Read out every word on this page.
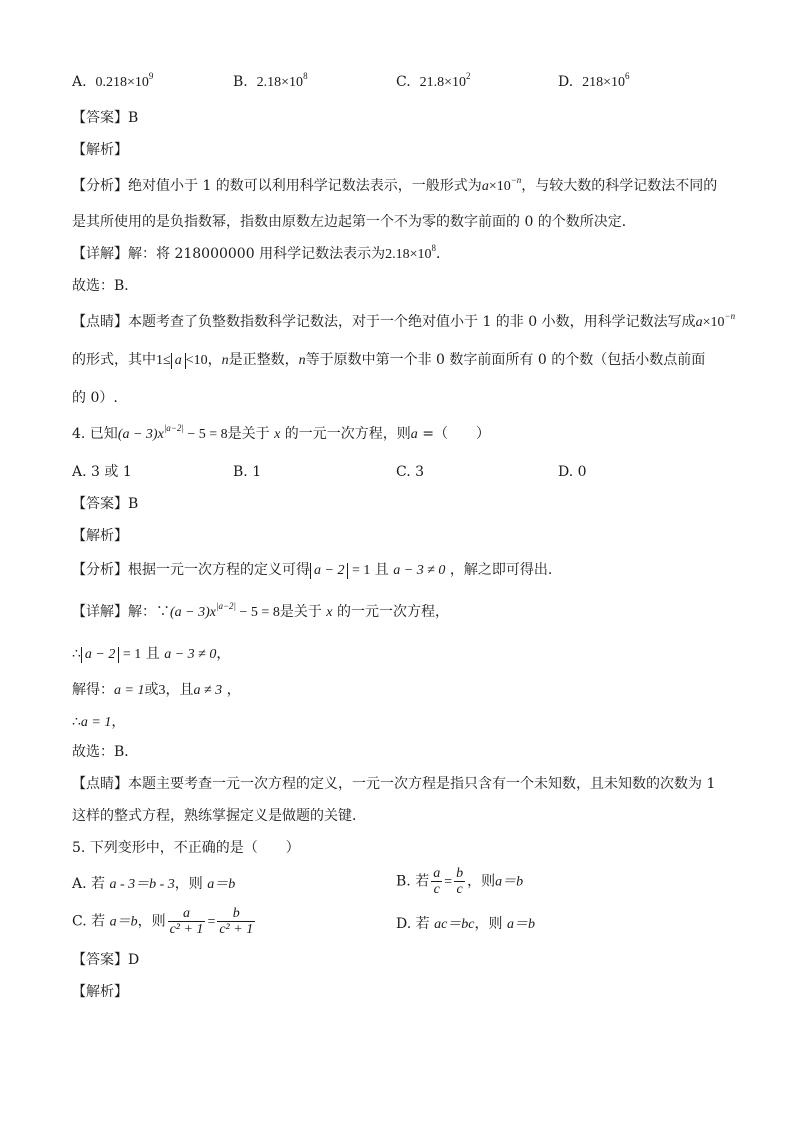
A. $0.218\times 10^9$	B. $2.18\times 10^8$	C. $21.8\times 10^2$	D. $218\times 10^6$
【答案】B
【解析】
【分析】绝对值小于 1 的数可以利用科学记数法表示，一般形式为$a\times 10^{-n}$，与较大数的科学记数法不同的
是其所使用的是负指数幂，指数由原数左边起第一个不为零的数字前面的 0 的个数所决定．
【详解】解：将 218000000 用科学记数法表示为$2.18\times 10^8$．
故选：B．
【点睛】本题考查了负整数指数科学记数法，对于一个绝对值小于 1 的非 0 小数，用科学记数法写成$a\times 10^{-n}$
的形式，其中1≤ a <10，n是正整数，n等于原数中第一个非 0 数字前面所有 0 的个数（包括小数点前面
的 0）.
4. 已知$(a - 3)x^{|a-2|} - 5 = 8$是关于 x 的一元一次方程，则a =（　　）
A. 3 或 1	B. 1	C. 3	D. 0
【答案】B
【解析】
【分析】根据一元一次方程的定义可得 a − 2 = 1 且 a − 3 ≠ 0 ，解之即可得出.
【详解】解：∵(a − $3)x^{|a-2|} - 5 = 8$是关于 x 的一元一次方程，
∴ a − 2 = 1 且 a − 3 ≠ 0，
解得：a = 1或3，且a ≠ 3 ，
∴a = 1，
故选：B．
【点睛】本题主要考查一元一次方程的定义，一元一次方程是指只含有一个未知数，且未知数的次数为 1
这样的整式方程，熟练掌握定义是做题的关键．
5. 下列变形中，不正确的是（　　）
A. 若 a - 3＝b - 3，则 a＝b	B. 若 $\frac{a}{c} = \frac{b}{c}$ ，则a＝b
C. 若 a＝b，则 $\frac{a}{\text{c² + 1}} = \frac{b}{\text{c² + 1}}$	D. 若 ac＝bc，则 a＝b
【答案】D
【解析】
